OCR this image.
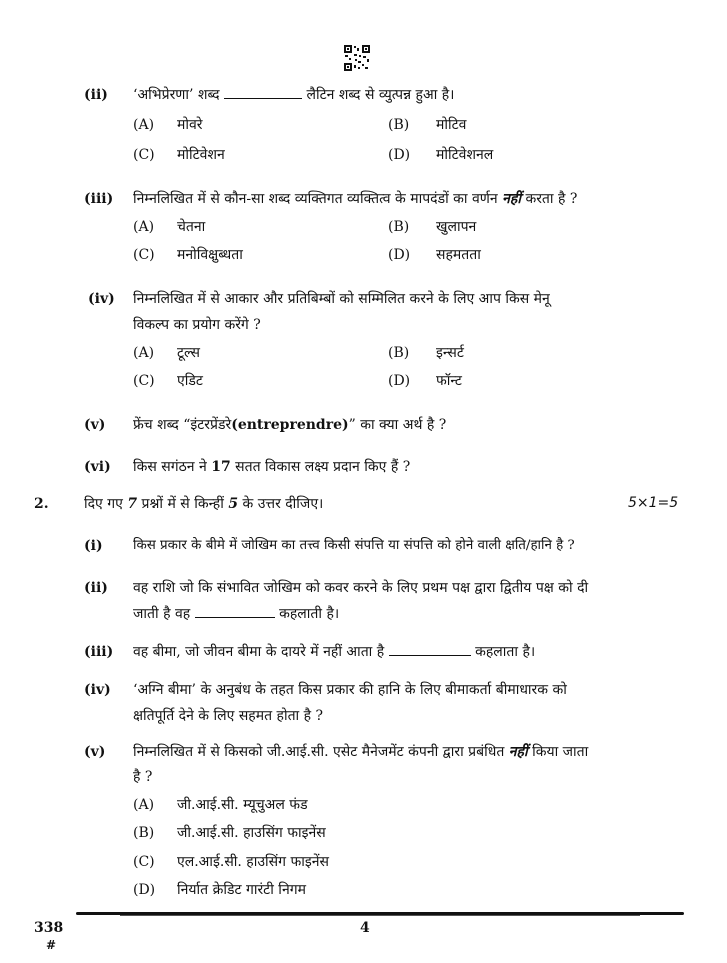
(ii) ‘अभिप्रेरणा’ शब्द	लैटिन शब्द से व्युत्पन्न हुआ है।
(A) मोवरे	(B) मोटिव
(C) मोटिवेशन	(D) मोटिवेशनल
(iii) निम्नलिखित में से कौन-सा शब्द व्यक्तिगत व्यक्तित्व के मापदंडों का वर्णन नहीं करता है ?
(A) चेतना	(B) खुलापन
(C) मनोविक्षुब्धता	(D) सहमतता
(iv) निम्नलिखित में से आकार और प्रतिबिम्बों को सम्मिलित करने के लिए आप किस मेनू
विकल्प का प्रयोग करेंगे ?
(A) टूल्स	(B) इन्सर्ट
(C) एडिट	(D) फॉन्ट
(v) फ्रेंच शब्द “इंटरप्रेंडरे(entreprendre)” का क्या अर्थ है ?
(vi) किस सगंठन ने 17 सतत विकास लक्ष्य प्रदान किए हैं ?
2.	दिए गए 7 प्रश्नों में से किन्हीं 5 के उत्तर दीजिए।	5×1=5
(i) किस प्रकार के बीमे में जोखिम का तत्त्व किसी संपत्ति या संपत्ति को होने वाली क्षति/हानि है ?
(ii) वह राशि जो कि संभावित जोखिम को कवर करने के लिए प्रथम पक्ष द्वारा द्वितीय पक्ष को दी
जाती है वह	कहलाती है।
(iii) वह बीमा, जो जीवन बीमा के दायरे में नहीं आता है	कहलाता है।
(iv) ‘अग्नि बीमा’ के अनुबंध के तहत किस प्रकार की हानि के लिए बीमाकर्ता बीमाधारक को
क्षतिपूर्ति देने के लिए सहमत होता है ?
(v) निम्नलिखित में से किसको जी.आई.सी. एसेट मैनेजमेंट कंपनी द्वारा प्रबंधित नहीं किया जाता
है ?
(A) जी.आई.सी. म्यूचुअल फंड
(B) जी.आई.सी. हाउसिंग फाइनेंस
(C) एल.आई.सी. हाउसिंग फाइनेंस
(D) निर्यात क्रेडिट गारंटी निगम
338
#
4
